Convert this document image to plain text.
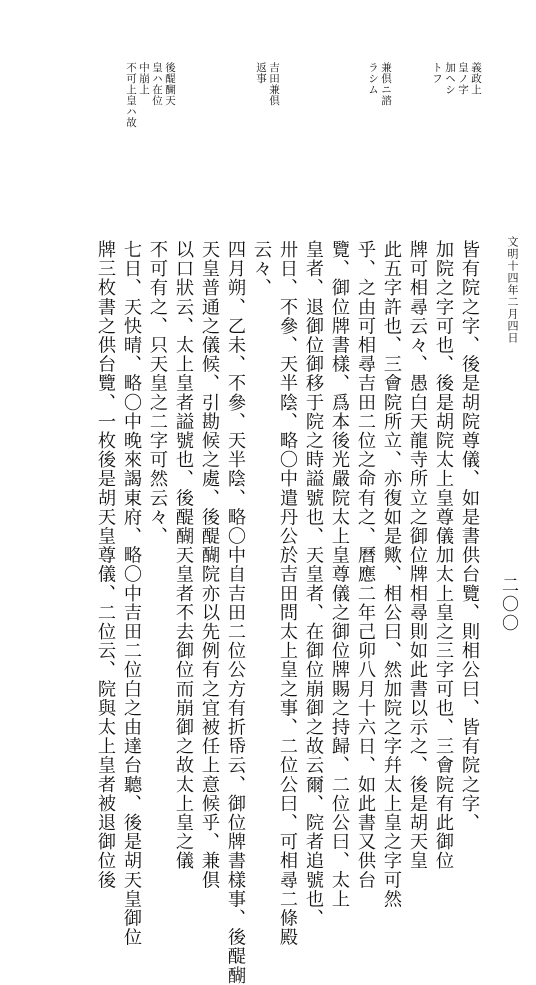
文明十四年二月四日
二〇〇
義政上
皇ノ字
加ヘシ
トフ
兼倶ニ諮
ラシム
吉田兼倶
返事
後醍醐天
皇ハ在位
中崩上
不可上皇ハ故
皆有院之字、後是胡院尊儀、如是書供台覽、則相公曰、皆有院之字、
加院之字可也、後是胡院太上皇尊儀加太上皇之三字可也、三會院有此御位
牌可相尋云々、愚白天龍寺所立之御位牌相尋則如此書以示之、後是胡天皇
此五字許也、三會院所立、亦復如是歟、相公曰、然加院之字幷太上皇之字可然
乎、之由可相尋吉田二位之命有之、曆應二年己卯八月十六日、如此書又供台
覽、御位牌書樣、爲本後光嚴院太上皇尊儀之御位牌賜之持歸、二位公曰、太上
皇者、退御位御移于院之時謚號也、天皇者、在御位崩御之故云爾、院者追號也、
卅日、不參、天半陰、略〇中遣丹公於吉田問太上皇之事、二位公曰、可相尋二條殿
云々、
四月朔、乙未、不參、天半陰、略〇中自吉田二位公方有折帋云、御位牌書樣事、後醍醐
天皇普通之儀候、引勘候之處、後醍醐院亦以先例有之宜被任上意候乎、兼倶
以口狀云、太上皇者謚號也、後醍醐天皇者不去御位而崩御之故太上皇之儀
不可有之、只天皇之二字可然云々、
七日、天快晴、略〇中晚來謁東府、略〇中吉田二位白之由達台聽、後是胡天皇御位
牌三枚書之供台覽、一枚後是胡天皇尊儀、二位云、院與太上皇者被退御位後
